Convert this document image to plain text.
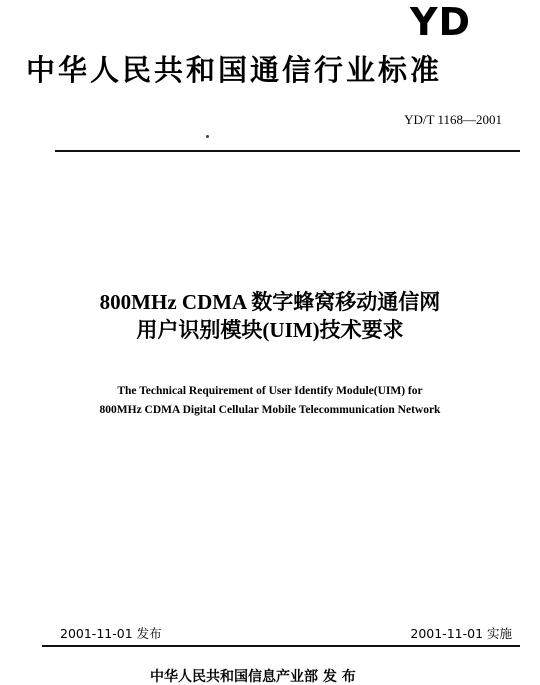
YD
中华人民共和国通信行业标准
YD/T 1168—2001
800MHz CDMA 数字蜂窝移动通信网
用户识别模块(UIM)技术要求
The Technical Requirement of User Identify Module(UIM) for
800MHz CDMA Digital Cellular Mobile Telecommunication Network
2001-11-01 发布	2001-11-01 实施
中华人民共和国信息产业部 发 布
